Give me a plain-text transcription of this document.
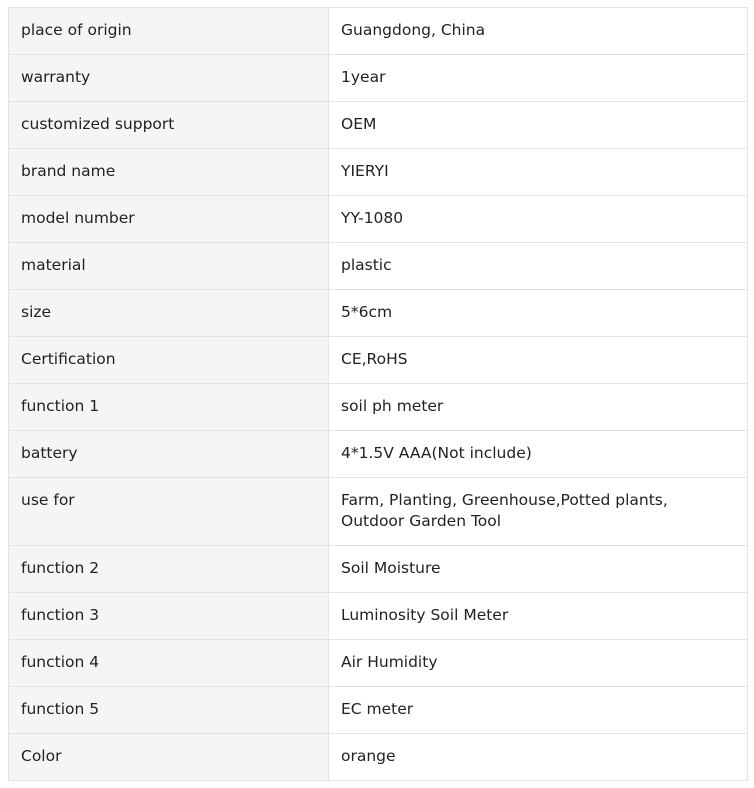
place of origin	Guangdong, China
warranty	1year
customized support	OEM
brand name	YIERYI
model number	YY-1080
material	plastic
size	5*6cm
Certification	CE,RoHS
function 1	soil ph meter
battery	4*1.5V AAA(Not include)
use for	Farm, Planting, Greenhouse,Potted plants, Outdoor Garden Tool
function 2	Soil Moisture
function 3	Luminosity Soil Meter
function 4	Air Humidity
function 5	EC meter
Color	orange
